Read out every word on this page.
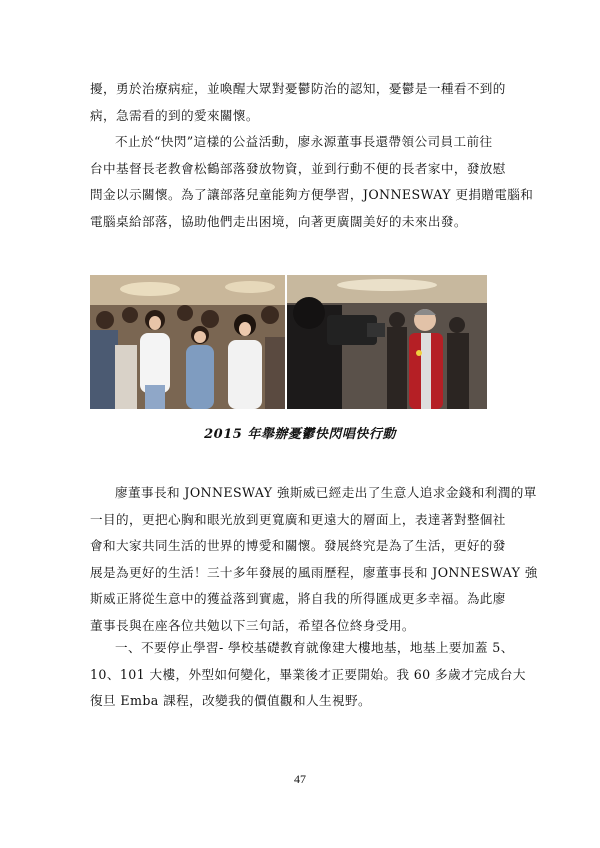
擾，勇於治療病症，並喚醒大眾對憂鬱防治的認知，憂鬱是一種看不到的
病，急需看的到的愛來關懷。
不止於“快閃”這樣的公益活動，廖永源董事長還帶領公司員工前往
台中基督長老教會松鶴部落發放物資，並到行動不便的長者家中，發放慰
問金以示關懷。為了讓部落兒童能夠方便學習，JONNESWAY 更捐贈電腦和
電腦桌給部落，協助他們走出困境，向著更廣闊美好的未來出發。
2015 年舉辦憂鬱快閃唱快行動
廖董事長和 JONNESWAY 強斯威已經走出了生意人追求金錢和利潤的單
一目的，更把心胸和眼光放到更寬廣和更遠大的層面上，表達著對整個社
會和大家共同生活的世界的博愛和關懷。發展終究是為了生活，更好的發
展是為更好的生活！三十多年發展的風雨歷程，廖董事長和 JONNESWAY 強
斯威正將從生意中的獲益落到實處，將自我的所得匯成更多幸福。為此廖
董事長與在座各位共勉以下三句話，希望各位終身受用。
一、不要停止學習- 學校基礎教育就像建大樓地基，地基上要加蓋 5、
10、101 大樓，外型如何變化，畢業後才正要開始。我 60 多歲才完成台大
復旦 Emba 課程，改變我的價值觀和人生視野。
47
